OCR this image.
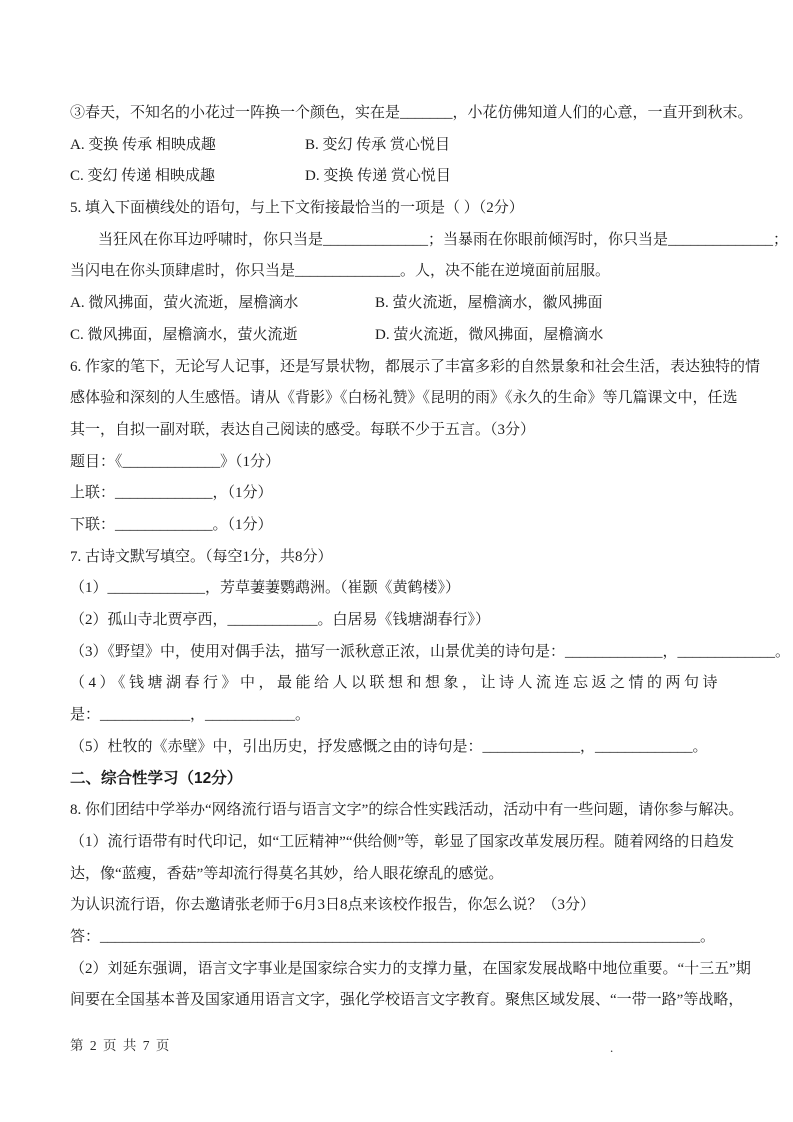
③春天，不知名的小花过一阵换一个颜色，实在是_______，小花仿佛知道人们的心意，一直开到秋末。
A. 变换 传承 相映成趣	B. 变幻 传承 赏心悦目
C. 变幻 传递 相映成趣	D. 变换 传递 赏心悦目
5. 填入下面横线处的语句，与上下文衔接最恰当的一项是（ ）（2分）
当狂风在你耳边呼啸时，你只当是______________；当暴雨在你眼前倾泻时，你只当是______________；
当闪电在你头顶肆虐时，你只当是______________。人，决不能在逆境面前屈服。
A. 微风拂面，萤火流逝，屋檐滴水	B. 萤火流逝，屋檐滴水，徽风拂面
C. 微风拂面，屋檐滴水，萤火流逝	D. 萤火流逝，微风拂面，屋檐滴水
6. 作家的笔下，无论写人记事，还是写景状物，都展示了丰富多彩的自然景象和社会生活，表达独特的情
感体验和深刻的人生感悟。请从《背影》《白杨礼赞》《昆明的雨》《永久的生命》等几篇课文中，任选
其一，自拟一副对联，表达自己阅读的感受。每联不少于五言。（3分）
题目：《_____________》（1分）
上联：_____________，（1分）
下联：_____________。（1分）
7. 古诗文默写填空。（每空1分，共8分）
（1）_____________，芳草萋萋鹦鹉洲。（崔颢《黄鹤楼》）
（2）孤山寺北贾亭西，____________。白居易《钱塘湖春行》）
（3）《野望》中，使用对偶手法，描写一派秋意正浓，山景优美的诗句是：_____________，_____________。
（4）《钱塘湖春行》中，最能给人以联想和想象，让诗人流连忘返之情的两句诗
是：____________，____________。
（5）杜牧的《赤壁》中，引出历史，抒发感慨之由的诗句是：_____________，_____________。
二、综合性学习（12分）
8. 你们团结中学举办“网络流行语与语言文字”的综合性实践活动，活动中有一些问题，请你参与解决。
（1）流行语带有时代印记，如“工匠精神”“供给侧”等，彰显了国家改革发展历程。随着网络的日趋发
达，像“蓝瘦，香菇”等却流行得莫名其妙，给人眼花缭乱的感觉。
为认识流行语，你去邀请张老师于6月3日8点来该校作报告，你怎么说？（3分）
答：________________________________________________________________________________。
（2）刘延东强调，语言文字事业是国家综合实力的支撑力量，在国家发展战略中地位重要。“十三五”期
间要在全国基本普及国家通用语言文字，强化学校语言文字教育。聚焦区域发展、“一带一路”等战略，
第 2 页 共 7 页	.
